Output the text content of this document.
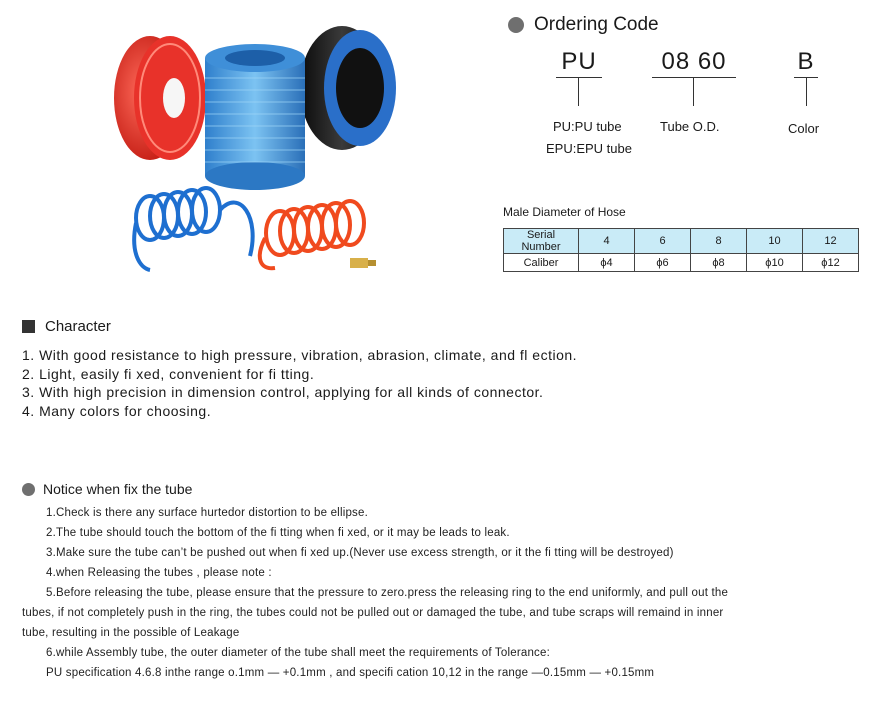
Ordering Code
PU	08 60	B
PU:PU tube
EPU:EPU tube
Tube O.D.	Color
Male Diameter of Hose
Serial Number	4	6	8	10	12
Caliber	ϕ4	ϕ6	ϕ8	ϕ10	ϕ12
Character
1. With good resistance to high pressure, vibration, abrasion, climate, and fl ection.
2. Light, easily fi xed, convenient for fi tting.
3. With high precision in dimension control, applying for all kinds of connector.
4. Many colors for choosing.
Notice when fix the tube
1.Check is there any surface hurtedor distortion to be ellipse.
2.The tube should touch the bottom of the fi tting when fi xed, or it may be leads to leak.
3.Make sure the tube can’t be pushed out when fi xed up.(Never use excess strength, or it the fi tting will be destroyed)
4.when Releasing the tubes , please note :
5.Before releasing the tube, please ensure that the pressure to zero.press the releasing ring to the end uniformly, and pull out the
tubes, if not completely push in the ring, the tubes could not be pulled out or damaged the tube, and tube scraps will remaind in inner
tube, resulting in the possible of Leakage
6.while Assembly tube, the outer diameter of the tube shall meet the requirements of Tolerance:
PU specification 4.6.8 inthe range o.1mm — +0.1mm , and specifi cation 10,12 in the range —0.15mm — +0.15mm
